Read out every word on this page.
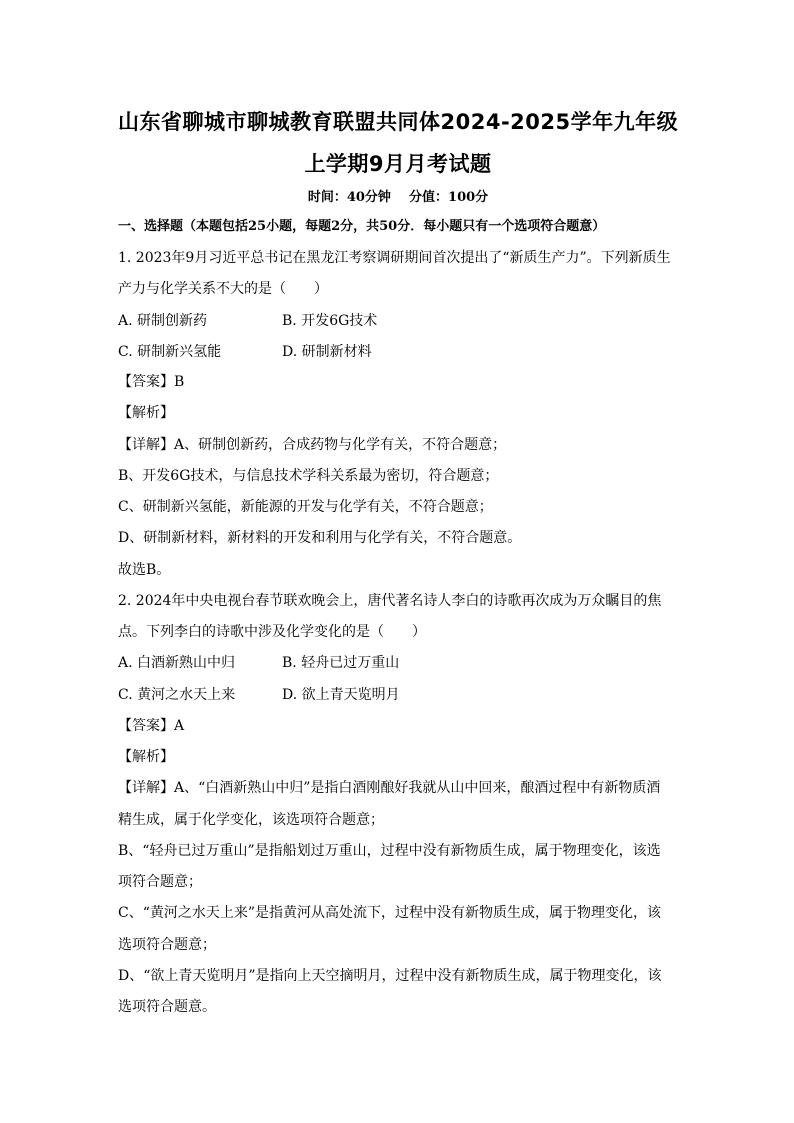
山东省聊城市聊城教育联盟共同体2024-2025学年九年级
上学期9月月考试题
时间：40分钟    分值：100分
一、选择题（本题包括25小题，每题2分，共50分．每小题只有一个选项符合题意）
1. 2023年9月习近平总书记在黑龙江考察调研期间首次提出了“新质生产力”。下列新质生
产力与化学关系不大的是（　　）
A. 研制创新药	B. 开发6G技术
C. 研制新兴氢能	D. 研制新材料
【答案】B
【解析】
【详解】A、研制创新药，合成药物与化学有关，不符合题意；
B、开发6G技术，与信息技术学科关系最为密切，符合题意；
C、研制新兴氢能，新能源的开发与化学有关，不符合题意；
D、研制新材料，新材料的开发和利用与化学有关，不符合题意。
故选B。
2. 2024年中央电视台春节联欢晚会上，唐代著名诗人李白的诗歌再次成为万众瞩目的焦
点。下列李白的诗歌中涉及化学变化的是（　　）
A. 白酒新熟山中归	B. 轻舟已过万重山
C. 黄河之水天上来	D. 欲上青天览明月
【答案】A
【解析】
【详解】A、“白酒新熟山中归”是指白酒刚酿好我就从山中回来，酿酒过程中有新物质酒
精生成，属于化学变化，该选项符合题意；
B、“轻舟已过万重山”是指船划过万重山，过程中没有新物质生成，属于物理变化，该选
项符合题意；
C、“黄河之水天上来”是指黄河从高处流下，过程中没有新物质生成，属于物理变化，该
选项符合题意；
D、“欲上青天览明月”是指向上天空摘明月，过程中没有新物质生成，属于物理变化，该
选项符合题意。
